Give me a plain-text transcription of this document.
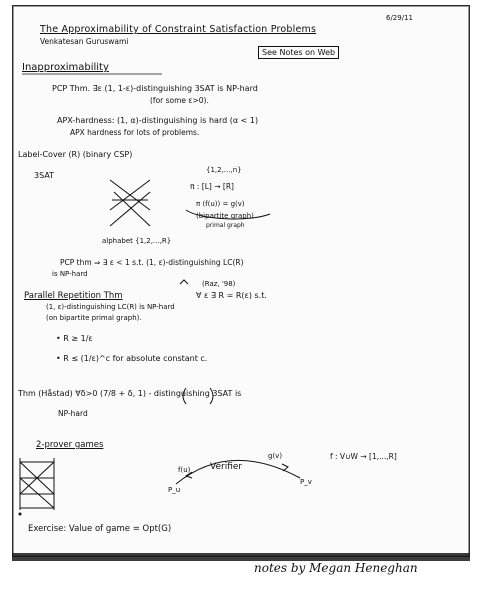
6/29/11
The Approximability of Constraint Satisfaction Problems
Venkatesan Guruswami
See Notes on Web
Inapproximability
PCP Thm. ∃ε (1, 1-ε)-distinguishing 3SAT is NP-hard
(for some ε>0).
APX-hardness: (1, α)-distinguishing is hard (α < 1)
APX hardness for lots of problems.
Label-Cover (R) (binary CSP)
3SAT
{1,2,...,n}
π : [L] → [R]
π (f(u)) = g(v)
(bipartite graph)
primal graph
alphabet {1,2,...,R}
PCP thm ⇒ ∃ ε < 1 s.t. (1, ε)-distinguishing LC(R)
is NP-hard
(Raz, '98)
Parallel Repetition Thm	∀ ε ∃ R = R(ε) s.t.
(1, ε)-distinguishing LC(R) is NP-hard
(on bipartite primal graph).
• R ≥ 1/ε
• R ≤ (1/ε)^c for absolute constant c.
Thm (Håstad) ∀δ>0 (7/8 + δ, 1) - distinguishing 3SAT is
NP-hard
2-prover games
Verifier
P_u
P_v
f(u)
g(v)	f : V∪W → [1,...,R]
Exercise: Value of game = Opt(G)
notes by Megan Heneghan
